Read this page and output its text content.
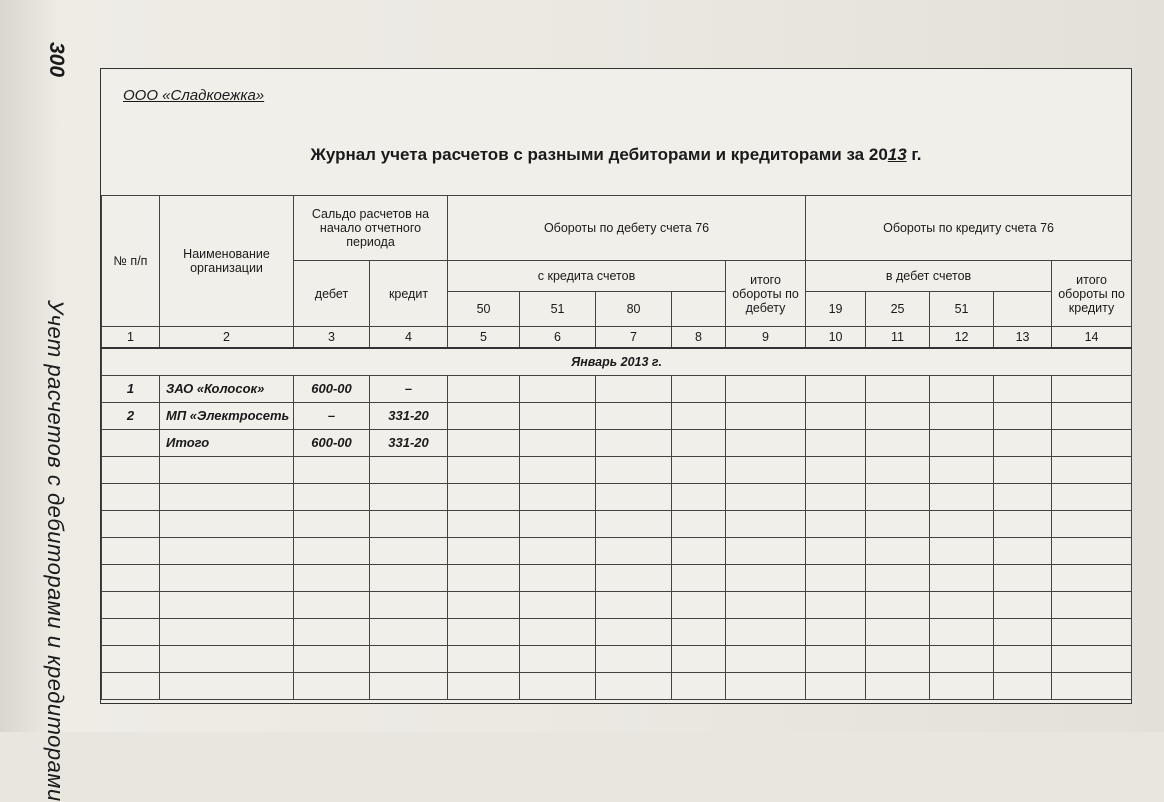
300
Учет расчетов с дебиторами и кредиторами
ООО «Сладкоежка»
Журнал учета расчетов с разными дебиторами и кредиторами за 2013 г.
№ п/п	Наименование организации	Сальдо расчетов на начало отчетного периода		Обороты по дебету счета 76					Обороты по кредиту счета 76				
		дебет	кредит	с кредита счетов				итого обороты по дебету	в дебет счетов				итого обороты по кредиту
				50	51	80			19	25	51		
1	2	3	4	5	6	7	8	9	10	11	12	13	14
Январь 2013 г.													
1	ЗАО «Колосок»	600-00	–										
2	МП «Электросеть	–	331-20										
	Итого	600-00	331-20										
